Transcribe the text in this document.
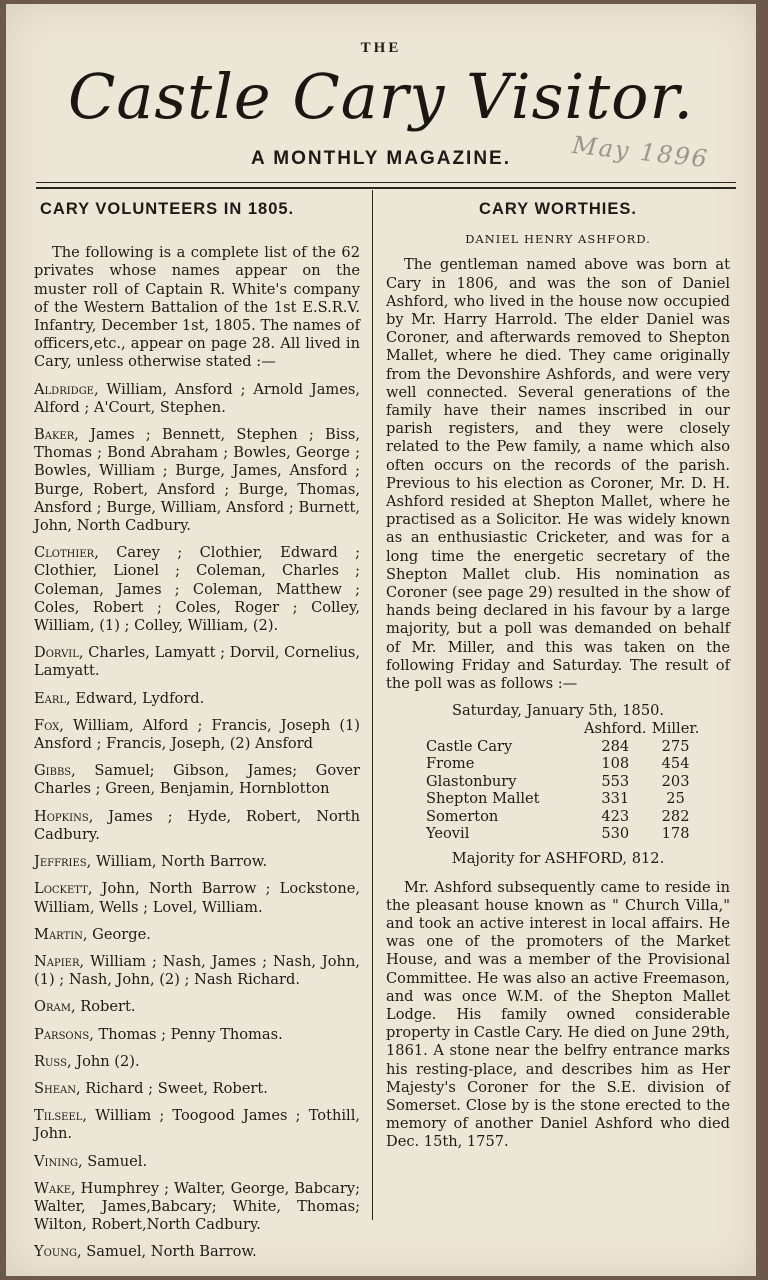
THE
Castle Cary Visitor.
A MONTHLY MAGAZINE.	May 1896
CARY VOLUNTEERS IN 1805.

The following is a complete list of the 62 privates whose names appear on the muster roll of Captain R. White's company of the Western Battalion of the 1st E.S.R.V. Infantry, December 1st, 1805. The names of officers,etc., appear on page 28. All lived in Cary, unless otherwise stated :—

Aldridge, William, Ansford ; Arnold James, Alford ; A'Court, Stephen.

Baker, James ; Bennett, Stephen ; Biss, Thomas ; Bond Abraham ; Bowles, George ; Bowles, William ; Burge, James, Ansford ; Burge, Robert, Ansford ; Burge, Thomas, Ansford ; Burge, William, Ansford ; Burnett, John, North Cadbury.

Clothier, Carey ; Clothier, Edward ; Clothier, Lionel ; Coleman, Charles ; Coleman, James ; Coleman, Matthew ; Coles, Robert ; Coles, Roger ; Colley, William, (1) ; Colley, William, (2).

Dorvil, Charles, Lamyatt ; Dorvil, Cornelius, Lamyatt.

Earl, Edward, Lydford.

Fox, William, Alford ; Francis, Joseph (1) Ansford ; Francis, Joseph, (2) Ansford

Gibbs, Samuel; Gibson, James; Gover Charles ; Green, Benjamin, Hornblotton

Hopkins, James ; Hyde, Robert, North Cadbury.

Jeffries, William, North Barrow.

Lockett, John, North Barrow ; Lockstone, William, Wells ; Lovel, William.

Martin, George.

Napier, William ; Nash, James ; Nash, John, (1) ; Nash, John, (2) ; Nash Richard.

Oram, Robert.

Parsons, Thomas ; Penny Thomas.

Russ, John (2).

Shean, Richard ; Sweet, Robert.

Tilseel, William ; Toogood James ; Tothill, John.

Vining, Samuel.

Wake, Humphrey ; Walter, George, Babcary; Walter, James,Babcary; White, Thomas; Wilton, Robert,North Cadbury.

Young, Samuel, North Barrow.

CARY WORTHIES.
DANIEL HENRY ASHFORD.

The gentleman named above was born at Cary in 1806, and was the son of Daniel Ashford, who lived in the house now occupied by Mr. Harry Harrold. The elder Daniel was Coroner, and afterwards removed to Shepton Mallet, where he died. They came originally from the Devonshire Ashfords, and were very well connected. Several generations of the family have their names inscribed in our parish registers, and they were closely related to the Pew family, a name which also often occurs on the records of the parish. Previous to his election as Coroner, Mr. D. H. Ashford resided at Shepton Mallet, where he practised as a Solicitor. He was widely known as an enthusiastic Cricketer, and was for a long time the energetic secretary of the Shepton Mallet club. His nomination as Coroner (see page 29) resulted in the show of hands being declared in his favour by a large majority, but a poll was demanded on behalf of Mr. Miller, and this was taken on the following Friday and Saturday. The result of the poll was as follows :—

Saturday, January 5th, 1850.
	Ashford.	Miller.
Castle Cary	284	275
Frome	108	454
Glastonbury	553	203
Shepton Mallet	331	25
Somerton	423	282
Yeovil	530	178
Majority for ASHFORD, 812.

Mr. Ashford subsequently came to reside in the pleasant house known as " Church Villa," and took an active interest in local affairs. He was one of the promoters of the Market House, and was a member of the Provisional Committee. He was also an active Freemason, and was once W.M. of the Shepton Mallet Lodge. His family owned considerable property in Castle Cary. He died on June 29th, 1861. A stone near the belfry entrance marks his resting-place, and describes him as Her Majesty's Coroner for the S.E. division of Somerset. Close by is the stone erected to the memory of another Daniel Ashford who died Dec. 15th, 1757.
